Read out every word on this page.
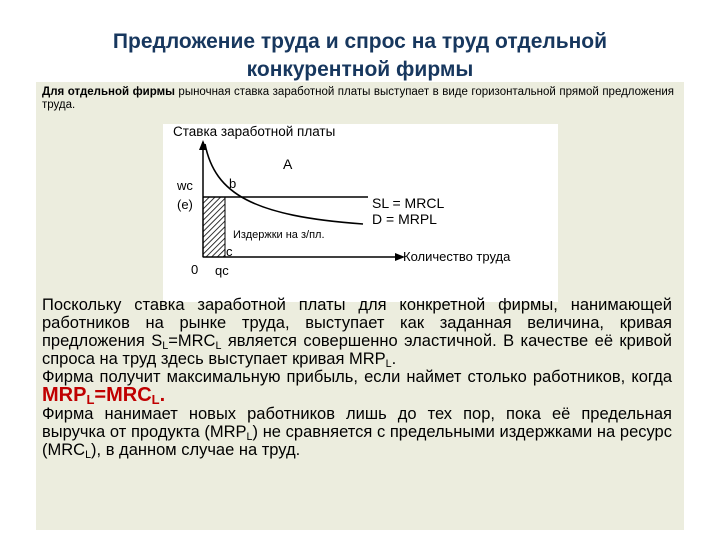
Предложение труда и спрос на труд отдельной
конкурентной фирмы
Для отдельной фирмы рыночная ставка заработной платы выступает в виде горизонтальной прямой предложения труда.
Ставка заработной платы
A
wc
(e)
b
c
0 qc
SL = MRCL
D = MRPL
Издержки на з/пл.
Количество труда

Поскольку ставка заработной платы для конкретной фирмы, нанимающей работников на рынке труда, выступает как заданная величина, кривая предложения $S_L=MRC_L$ является совершенно эластичной. В качестве её кривой спроса на труд здесь выступает кривая $MRP_L$.

Фирма получит максимальную прибыль, если наймет столько работников, когда $MRP_L=MRC_L$.

Фирма нанимает новых работников лишь до тех пор, пока её предельная выручка от продукта $(MRP_L)$ не сравняется с предельными издержками на ресурс $(MRC_L)$, в данном случае на труд.
